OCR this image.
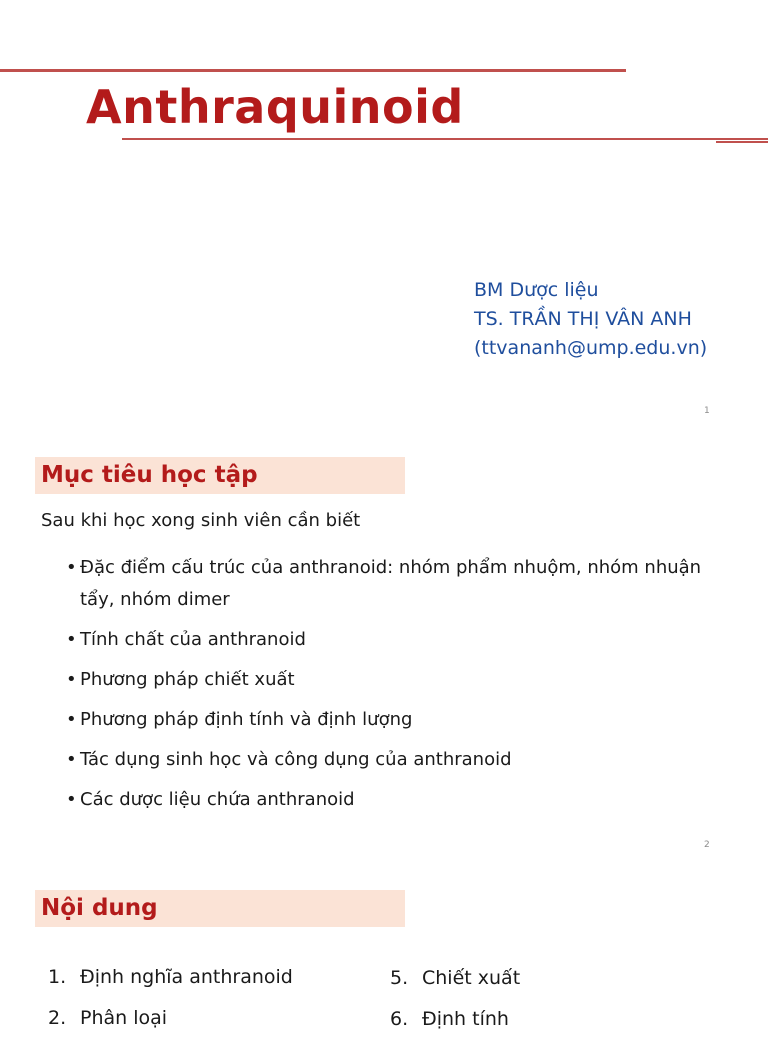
Anthraquinoid
BM Dược liệu
TS. TRẦN THỊ VÂN ANH
(ttvananh@ump.edu.vn)
1
Mục tiêu học tập
Sau khi học xong sinh viên cần biết
• Đặc điểm cấu trúc của anthranoid: nhóm phẩm nhuộm, nhóm nhuận tẩy, nhóm dimer
• Tính chất của anthranoid
• Phương pháp chiết xuất
• Phương pháp định tính và định lượng
• Tác dụng sinh học và công dụng của anthranoid
• Các dược liệu chứa anthranoid
2
Nội dung
1. Định nghĩa anthranoid
2. Phân loại
5. Chiết xuất
6. Định tính
